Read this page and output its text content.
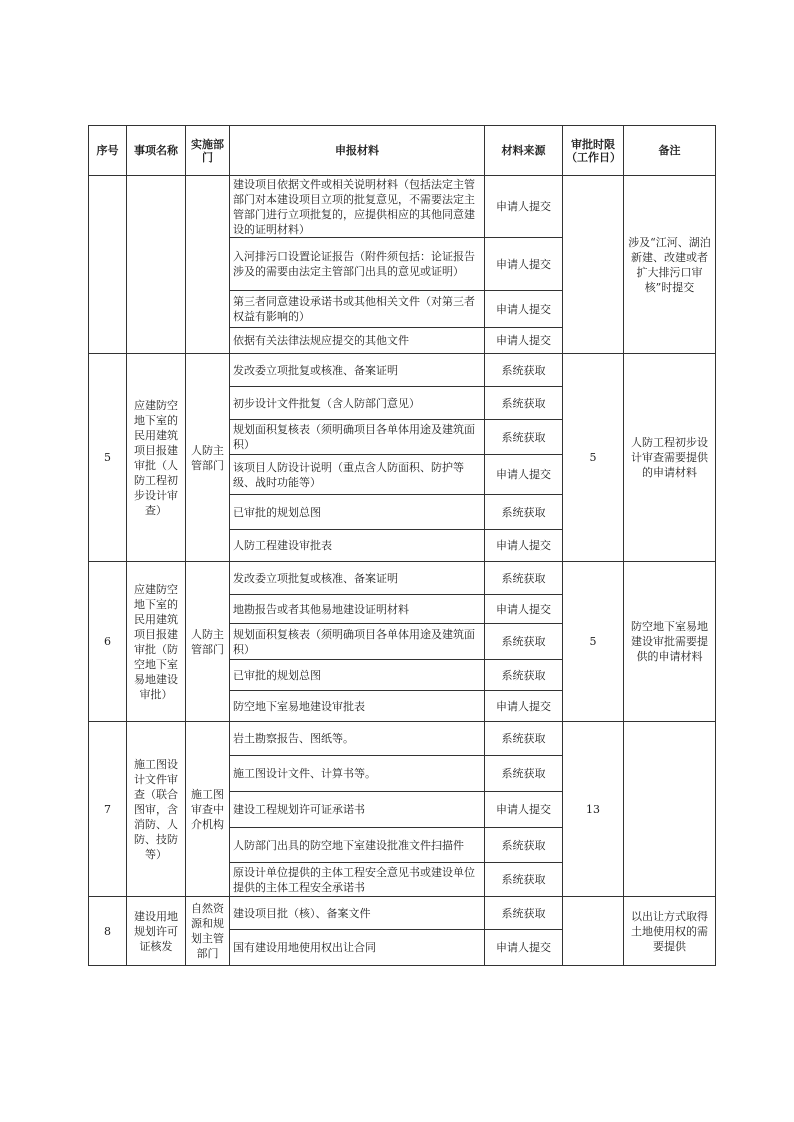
序号	事项名称	实施部门	申报材料	材料来源	审批时限（工作日）	备注
			建设项目依据文件或相关说明材料（包括法定主管部门对本建设项目立项的批复意见，不需要法定主管部门进行立项批复的，应提供相应的其他同意建设的证明材料）	申请人提交		涉及“江河、湖泊新建、改建或者扩大排污口审核”时提交
			入河排污口设置论证报告（附件须包括：论证报告涉及的需要由法定主管部门出具的意见或证明）	申请人提交		
			第三者同意建设承诺书或其他相关文件（对第三者权益有影响的）	申请人提交		
			依据有关法律法规应提交的其他文件	申请人提交		
5	应建防空地下室的民用建筑项目报建审批（人防工程初步设计审查）	人防主管部门	发改委立项批复或核准、备案证明	系统获取	5	人防工程初步设计审查需要提供的申请材料
			初步设计文件批复（含人防部门意见）	系统获取		
			规划面积复核表（须明确项目各单体用途及建筑面积）	系统获取		
			该项目人防设计说明（重点含人防面积、防护等级、战时功能等）	申请人提交		
			已审批的规划总图	系统获取		
			人防工程建设审批表	申请人提交		
6	应建防空地下室的民用建筑项目报建审批（防空地下室易地建设审批）	人防主管部门	发改委立项批复或核准、备案证明	系统获取	5	防空地下室易地建设审批需要提供的申请材料
			地勘报告或者其他易地建设证明材料	申请人提交		
			规划面积复核表（须明确项目各单体用途及建筑面积）	系统获取		
			已审批的规划总图	系统获取		
			防空地下室易地建设审批表	申请人提交		
7	施工图设计文件审查（联合图审，含消防、人防、技防等）	施工图审查中介机构	岩土勘察报告、图纸等。	系统获取	13	
			施工图设计文件、计算书等。	系统获取		
			建设工程规划许可证承诺书	申请人提交		
			人防部门出具的防空地下室建设批准文件扫描件	系统获取		
			原设计单位提供的主体工程安全意见书或建设单位提供的主体工程安全承诺书	系统获取		
8	建设用地规划许可证核发	自然资源和规划主管部门	建设项目批（核）、备案文件	系统获取		以出让方式取得土地使用权的需要提供
			国有建设用地使用权出让合同	申请人提交		
